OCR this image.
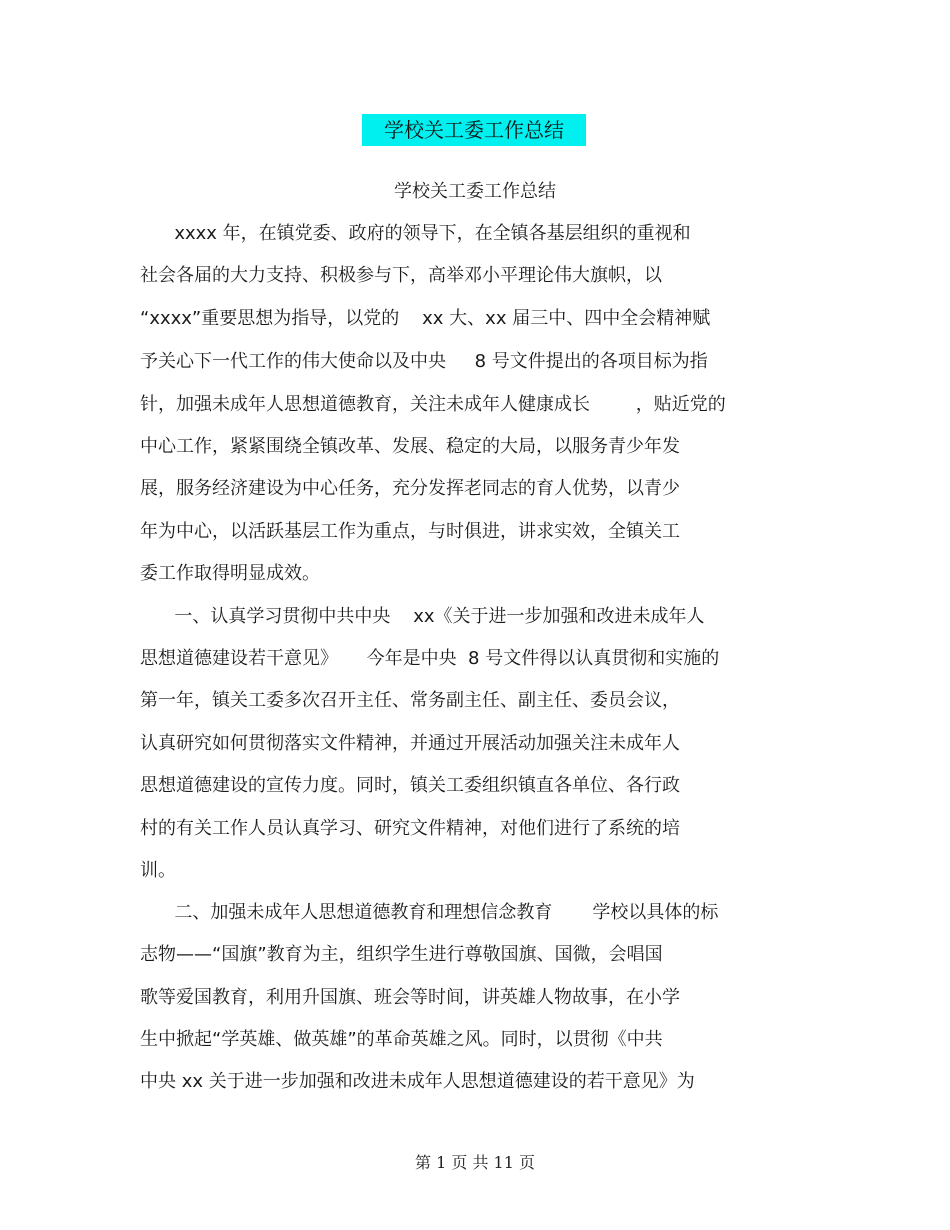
学校关工委工作总结
学校关工委工作总结
xxxx 年，在镇党委、政府的领导下，在全镇各基层组织的重视和
社会各届的大力支持、积极参与下，高举邓小平理论伟大旗帜，以
“xxxx”重要思想为指导，以党的    xx 大、xx 届三中、四中全会精神赋
予关心下一代工作的伟大使命以及中央     8 号文件提出的各项目标为指
针，加强未成年人思想道德教育，关注未成年人健康成长        ，贴近党的
中心工作，紧紧围绕全镇改革、发展、稳定的大局，以服务青少年发
展，服务经济建设为中心任务，充分发挥老同志的育人优势，以青少
年为中心，以活跃基层工作为重点，与时俱进，讲求实效，全镇关工
委工作取得明显成效。
一、认真学习贯彻中共中央    xx《关于进一步加强和改进未成年人
思想道德建设若干意见》     今年是中央  8 号文件得以认真贯彻和实施的
第一年，镇关工委多次召开主任、常务副主任、副主任、委员会议，
认真研究如何贯彻落实文件精神，并通过开展活动加强关注未成年人
思想道德建设的宣传力度。同时，镇关工委组织镇直各单位、各行政
村的有关工作人员认真学习、研究文件精神，对他们进行了系统的培
训。
二、加强未成年人思想道德教育和理想信念教育       学校以具体的标
志物——“国旗”教育为主，组织学生进行尊敬国旗、国微，会唱国
歌等爱国教育，利用升国旗、班会等时间，讲英雄人物故事，在小学
生中掀起“学英雄、做英雄”的革命英雄之风。同时，以贯彻《中共
中央 xx 关于进一步加强和改进未成年人思想道德建设的若干意见》为
第 1 页 共 11 页
